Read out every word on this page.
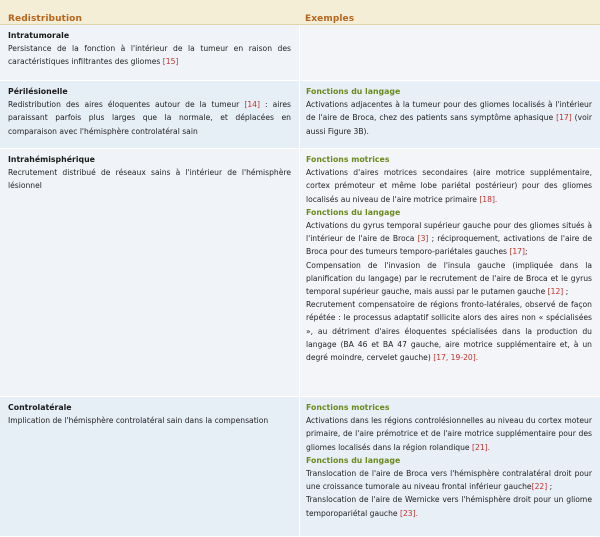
Redistribution	Exemples
Intratumorale
Persistance de la fonction à l'intérieur de la tumeur en raison des caractéristiques infiltrantes des gliomes [15]
Périlésionelle
Redistribution des aires éloquentes autour de la tumeur [14] : aires paraissant parfois plus larges que la normale, et déplacées en comparaison avec l'hémisphère controlatéral sain
Fonctions du langage
Activations adjacentes à la tumeur pour des gliomes localisés à l'intérieur de l'aire de Broca, chez des patients sans symptôme aphasique [17] (voir aussi Figure 3B).
Intrahémisphérique
Recrutement distribué de réseaux sains à l'intérieur de l'hémisphère lésionnel
Fonctions motrices
Activations d'aires motrices secondaires (aire motrice supplémentaire, cortex prémoteur et même lobe pariétal postérieur) pour des gliomes localisés au niveau de l'aire motrice primaire [18].
Fonctions du langage
Activations du gyrus temporal supérieur gauche pour des gliomes situés à l'intérieur de l'aire de Broca [3] ; réciproquement, activations de l'aire de Broca pour des tumeurs temporo-pariétales gauches [17];
Compensation de l'invasion de l'insula gauche (impliquée dans la planification du langage) par le recrutement de l'aire de Broca et le gyrus temporal supérieur gauche, mais aussi par le putamen gauche [12] ;
Recrutement compensatoire de régions fronto-latérales, observé de façon répétée : le processus adaptatif sollicite alors des aires non « spécialisées », au détriment d'aires éloquentes spécialisées dans la production du langage (BA 46 et BA 47 gauche, aire motrice supplémentaire et, à un degré moindre, cervelet gauche) [17, 19-20].
Controlatérale
Implication de l'hémisphère controlatéral sain dans la compensation
Fonctions motrices
Activations dans les régions controlésionnelles au niveau du cortex moteur primaire, de l'aire prémotrice et de l'aire motrice supplémentaire pour des gliomes localisés dans la région rolandique [21].
Fonctions du langage
Translocation de l'aire de Broca vers l'hémisphère contralatéral droit pour une croissance tumorale au niveau frontal inférieur gauche[22] ;
Translocation de l'aire de Wernicke vers l'hémisphère droit pour un gliome temporopariétal gauche [23].
